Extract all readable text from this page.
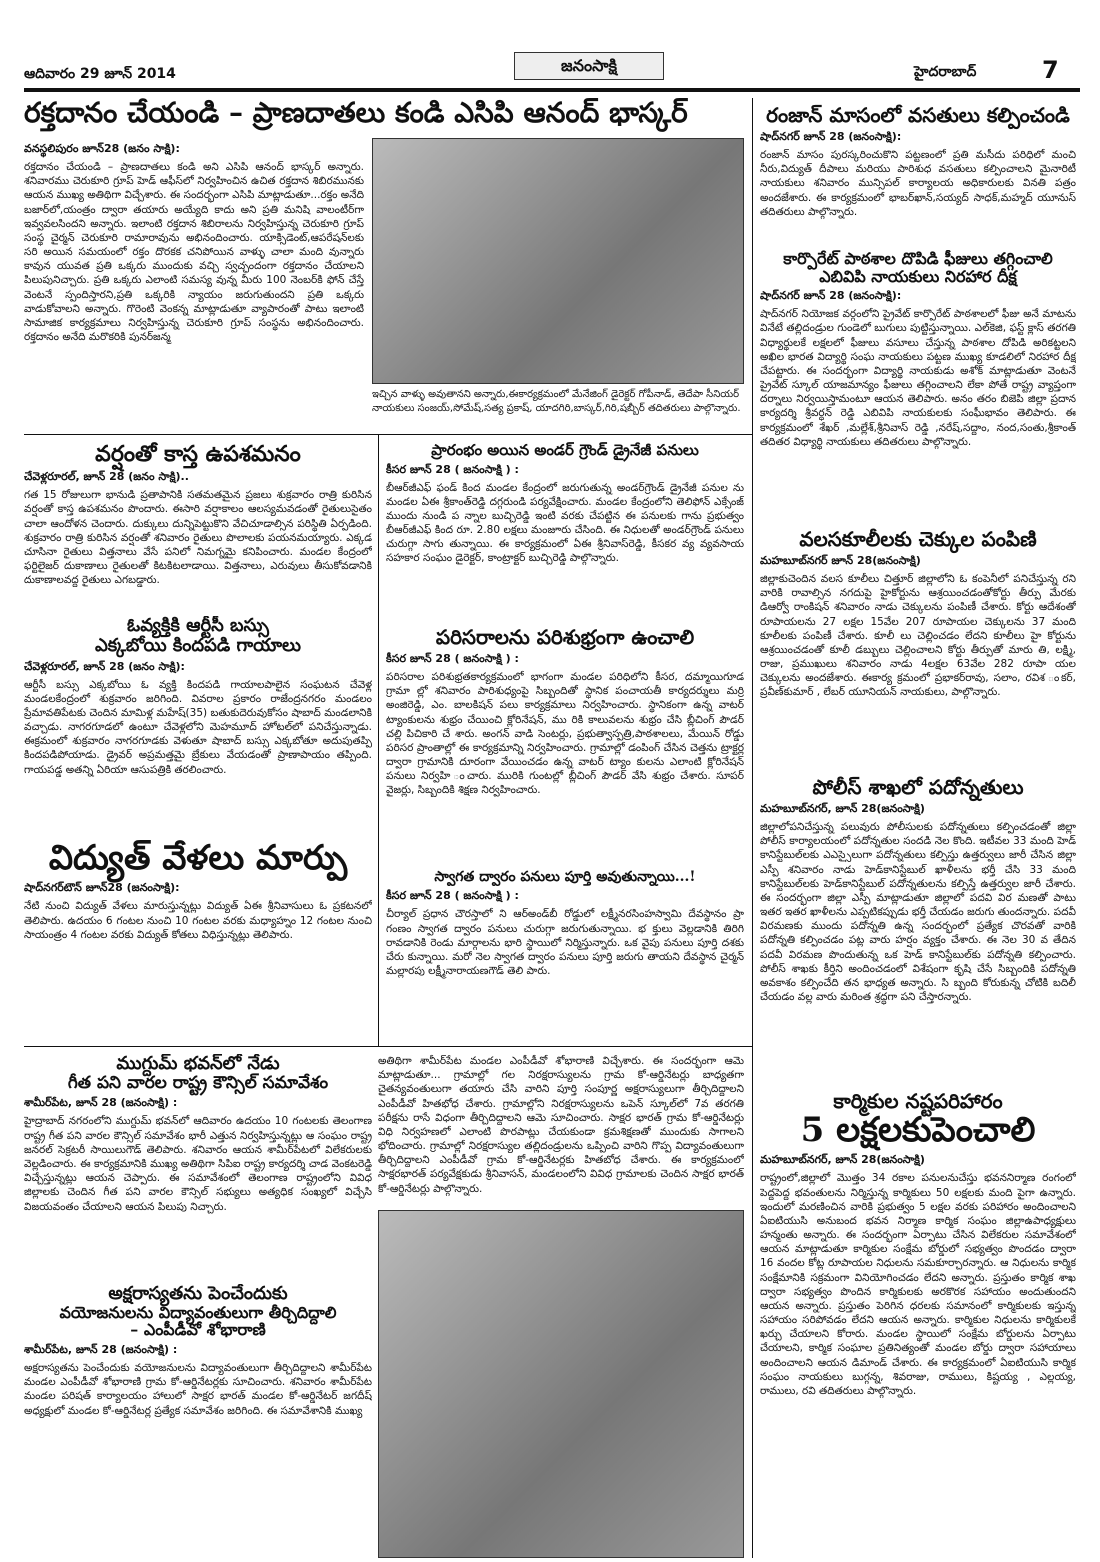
ఆదివారం 29 జూన్ 2014	జనంసాక్షి	హైదరాబాద్	7
రక్తదానం చేయండి – ప్రాణదాతలు కండి ఎసిపి ఆనంద్ భాస్కర్
వనస్థలిపురం జూన్28 (జనం సాక్షి):
రక్తదానం చేయండి – ప్రాణదాతలు కండి అని ఎసిపి ఆనంద్ భాస్కర్ అన్నారు. శనివారము చెరుకూరి గ్రూప్ హెడ్ ఆఫీస్‌లో నిర్వహించిన ఉచిత రక్తదాన శిబిరమునకు ఆయన ముఖ్య అతిథిగా విచ్చేశారు. ఈ సందర్భంగా ఎసిపి మాట్లాడుతూ...రక్తం అనేది బజార్‌లో,యంత్రం ద్వారా తయారు అయ్యేది కాదు అని ప్రతి మనిషి వాలంటీర్‌గా ఇవ్వవలసిందని అన్నారు. ఇలాంటి రక్తదాన శిబిరాలను నిర్వహిస్తున్న చెరుకూరి గ్రూప్ సంస్థ చైర్మన్ చెరుకూరి రామారావును అభినందించారు. యాక్సిడెంట్,ఆపరేషన్‌లకు సరి అయిన సమయంలో రక్తం దొరకక చనిపోయిన వాళ్ళు చాలా మంది వున్నారు కావున యువత ప్రతి ఒక్కరు ముందుకు వచ్చి స్వచ్ఛందంగా రక్తదానం చేయాలని పిలుపునిచ్చారు. ప్రతి ఒక్కరు ఎలాంటి సమస్య వున్న మీరు 100 నెంబర్‌కి ఫోన్ చేస్తే వెంటనే స్పందిస్తారని,ప్రతి ఒక్కరికి న్యాయం జరుగుతుందని ప్రతి ఒక్కరు వాడుకోవాలని అన్నారు. గొరెంటి వెంకన్న మాట్లాడుతూ వ్యాపారంతో పాటు ఇలాంటి సామాజిక కార్యక్రమాలు నిర్వహిస్తున్న చెరుకూరి గ్రూప్ సంస్థను అభినందించారు. రక్తదానం అనేది మరొకరికి పునర్‌జన్మ
ఇచ్చిన వాళ్ళు అవుతానని అన్నారు,ఈకార్యక్రమంలో మేనేజింగ్ డైరెక్టర్ గోపీనాడ్, తెదేపా సీనియర్ నాయకులు సంజయ్,సోమేష్,సత్య ప్రకాష్, యాదగిరి,బాస్కర్,గిరి,షబ్బీర్ తదితరులు పాల్గొన్నారు.
రంజాన్ మాసంలో వసతులు కల్పించండి
షాద్‌నగర్ జూన్ 28 (జనంసాక్షి):
రంజాన్ మాసం పురస్కరించుకొని పట్టణంలో ప్రతి మసీదు పరిధిలో మంచి నీరు,విద్యుత్ దీపాలు మరియు పారిశుధ వసతులు కల్పించాలని మైనారిటీ నాయకులు శనివారం మున్సిపల్ కార్యాలయ అధికారులకు వినతి పత్రం అందజేశారు. ఈ కార్యక్రమంలో భాబర్‌ఖాన్,సయ్యద్ సాధక్,మహ్మద్ యూనుస్ తదితరులు పాల్గొన్నారు.
కార్పొరేట్ పాఠశాల దొపిడి ఫీజులు తగ్గించాలి
ఎబివిపి నాయకులు నిరహార దీక్ష
షాద్‌నగర్ జూన్ 28 (జనంసాక్షి):
షాద్‌నగర్ నియోజక వర్గంలోని ప్రైవేట్ కార్పొరేట్ పాఠశాలలో ఫీజు అనే మాటను వినేటే తల్లిదండ్రుల గుండెలో బుగులు పుట్టిస్తున్నాయి. ఎల్‌కెజి, ఫస్ట్ క్లాస్ తరగతి విధ్యార్థులకే లక్షలలో ఫీజులు వసూలు చేస్తున్న పాఠశాల దోపిడి అరికట్టలని అఖిల భారత విద్యార్థి సంఘ నాయకులు పట్టణ ముఖ్య కూడలిలో నిరహార దీక్ష చేపట్టారు. ఈ సందర్భంగా విద్యార్థి నాయకుడు అశోక్ మాట్లాడుతూ వెంటనే ప్రైవేట్ స్కూల్ యాజమాన్యం ఫీజులు తగ్గించాలని లేకా పోతే రాష్ట్ర వ్యాప్తంగా దర్నాలు నిర్వయిస్తామంటూ ఆయన తెలిపారు. అనం తరం బిజెపి జిల్లా ప్రదాన కార్యదర్శి శ్రీవర్ధన్ రెడ్డి ఎబివిపి నాయకులకు సంఘీభావం తెలిపారు. ఈ కార్యక్రమంలో శేఖర్ ,మల్లేశ్,శ్రీనివాస్ రెడ్డి ,నరేష్,సద్దాం, నంద,సంతు,శ్రీకాంత్ తదితర విధ్యార్థి నాయకులు తదితరులు పాల్గొన్నారు.
వర్షంతో కాస్త ఉపశమనం
చేవెళ్లరూరల్, జూన్ 28 (జనం సాక్షి)..
గత 15 రోజులుగా భానుడి ప్రతాపానికి సతమతమైన ప్రజలు శుక్రవారం రాత్రి కురిసిన వర్షంతో కాస్త ఉపశమనం పొందారు. ఈసారి వర్షాకాలం ఆలస్యమవడంతో రైతులుసైతం చాలా ఆందోళన చెందారు. దుక్కులు దున్నిపెట్టుకొని వేచిచూడాల్సిన పరిస్థితి ఏర్పడింది. శుక్రవారం రాత్రి కురిసిన వర్షంతో శనివారం రైతులు పొలాలకు పయనమయ్యారు. ఎక్కడ చూసినా రైతులు విత్తనాలు వేసే పనిలో నిమగ్నమై కనిపించారు. మండల కేంద్రంలో ఫర్టిలైజర్ దుకాణాలు రైతులతో కిటకిటలాడాయి. విత్తనాలు, ఎరువులు తీసుకోవడానికి దుకాణాలవద్ద రైతులు ఎగబడ్డారు.
ఓవ్యక్తికి ఆర్టీసీ బస్సు
ఎక్కబోయి కిందపడి గాయాలు
చేవెళ్లరూరల్, జూన్ 28 (జనం సాక్షి):
ఆర్టీసీ బస్సు ఎక్కబోయి ఓ వ్యక్తి కిందపడి గాయాలపాలైన సంఘటన చేవెళ్ల మండలకేంద్రంలో శుక్రవారం జరిగింది. వివరాల ప్రకారం రాజేంద్రనగరం మండలం ప్రేమావతిపేటకు చెందిన మామిళ్ల మహేష్(35) బతుకుదెరువుకోసం షాబాద్ మండలానికి వచ్చాడు. నాగరగూడలో ఉంటూ చేవెళ్లలోని మెహమూద్ హోటల్‌లో పనిచేస్తున్నాడు. ఈక్రమంలో శుక్రవారం నాగరగూడకు వెళుతూ షాబాద్ బస్సు ఎక్కబోతూ అదుపుతప్పి కిందపడిపోయాడు. డ్రైవర్ అప్రమత్తమై బ్రేకులు వేయడంతో ప్రాణాపాయం తప్పింది. గాయపడ్డ అతన్ని ఏరియా ఆసుపత్రికి తరలించారు.
విద్యుత్ వేళలు మార్పు
షాద్‌నగర్‌టౌన్ జూన్28 (జనంసాక్షి):
నేటి నుంచి విద్యుత్ వేళలు మారుస్తున్నట్లు విద్యుత్ ఏఈ శ్రీనివాసులు ఓ ప్రకటనలో తెలిపారు. ఉదయం 6 గంటల నుంచి 10 గంటల వరకు మధ్యాహ్నం 12 గంటల నుంచి సాయంత్రం 4 గంటల వరకు విద్యుత్ కోతలు విధిస్తున్నట్లు తెలిపారు.
ప్రారంభం అయిన అండర్ గ్రౌండ్ డ్రైనేజీ పనులు
కీసర జూన్ 28 ( జనంసాక్షి ) :
బీఆర్‌జీఎఫ్ ఫండ్ కింద మండల కేంద్రంలో జరుగుతున్న అండర్‌గ్రౌండ్ డ్రైనేజీ పనుల ను మండల ఏఈ శ్రీకాంత్‌రెడ్డి దగ్గరుండి పర్యవేక్షించారు. మండల కేంద్రంలోని తెలిఫోన్ ఎక్సేంజ్ ముందు నుండి ప న్నాల బుచ్చిరెడ్డి ఇంటి వరకు చేపట్టిన ఈ పనులకు గాను ప్రభుత్వం బీఆర్‌జీఎఫ్ కింద రూ. 2.80 లక్షలు మంజూరు చేసింది. ఈ నిధులతో అండర్‌గ్రౌండ్ పనులు చురుగ్గా సాగు తున్నాయి. ఈ కార్యక్రమంలో ఏఈ శ్రీనివాస్‌రెడ్డి, కీసకర వ్య వ్యవసాయ సహకార సంఘం డైరెక్టర్, కాంట్రాక్టర్ బుచ్చిరెడ్డి పాల్గొన్నారు.
పరిసరాలను పరిశుభ్రంగా ఉంచాలి
కీసర జూన్ 28 ( జనంసాక్షి ) :
పరిసరాల పరిశుభ్రతకార్యక్రమంలో భాగంగా మండల పరిధిలోని కీసర, దమ్మాయిగూడ గ్రామా ల్లో శనివారం పారిశుధ్యంపై సిబ్బందితో స్థానిక పంచాయతీ కార్యదర్శులు మర్రి అంజిరెడ్డి, ఎం. బాలకిషన్ పలు కార్యక్రమాలు నిర్వహించారు. స్థానికంగా ఉన్న వాటర్ ట్యాంకులను శుభ్రం చేయించి క్లోరినేషన్, ము రికి కాలువలను శుభ్రం చేసి బ్లీచింగ్ పౌడర్ చల్లి పిచికారి చే శారు. అంగన్ వాడి సెంటర్లు, ప్రభుత్వాస్పత్రి,పాఠశాలలు, మేయిన్ రోడ్డు పరిసర ప్రాంతాల్లో ఈ కార్యక్రమాన్ని నిర్వహించారు. గ్రామాల్లో డంపింగ్ చేసిన చెత్తను ట్రాక్టర్ల ద్వారా గ్రామానికి దూరంగా వేయించడం ఉన్న వాటర్ ట్యాం కులను ఎలాంటి క్లోరినేషన్ పనులు నిర్వహి ంచారు. మురికి గుంటల్లో బ్లీచింగ్ పౌడర్ వేసి శుభ్రం చేశారు. సూపర్ వైజర్లు, సిబ్బందికి శిక్షణ నిర్వహించారు.
స్వాగత ద్వారం పనులు పూర్తి అవుతున్నాయి...!
కీసర జూన్ 28 ( జనంసాక్షి ) :
చీర్యాల్ ప్రధాన చౌరస్తాలో ని ఆర్‌అండ్‌బీ రోడ్డులో లక్ష్మీనరసింహస్వామి దేవస్థానం ప్రా గంణం స్వాగత ద్వారం పనులు చురుగ్గా జరుగుతున్నాయి. భ క్తులు వెల్లడానికి తిరిగి రావడానికి రెండు మార్గాలను భారి స్థాయిలో నిర్మిస్తున్నారు. ఒక వైపు పనులు పూర్తి దశకు చేరు కున్నాయి. మరో నెల స్వాగత ద్వారం పనులు పూర్తి జరుగు తాయని దేవస్థాన చైర్మన్ మల్లారపు లక్ష్మీనారాయణగౌడ్ తెలి పారు.
వలసకూలీలకు చెక్కుల పంపిణి
మహబూబ్‌నగర్ జూన్ 28(జనంసాక్షి)
జిల్లాకుచెందిన వలస కూలీలు చిత్తూర్ జిల్లాలోని ఓ కంపెనీలో పనిచేస్తున్న రని వారికి రావాల్సిన నగదుపై హైకోర్టును ఆశ్రయించడంతోకోర్టు తీర్పు మేరకు డిఆర్వో రాంకిషన్ శనివారం నాడు చెక్కులను పంపిణీ చేశారు. కోర్టు ఆదేశంతో రూపాయలను 27 లక్షల 15వేల 207 రూపాయల చెక్కులను 37 మంది కూలీలకు పంపిణీ చేశారు. కూలీ లు చెల్లించడం లేదని కూలీలు హై కోర్టును ఆశ్రయించడంతో కూలీ డబ్బులు చెల్లించాలని కోర్టు తీర్పుతో మారు తి, లక్ష్మి, రాజు, ప్రముఖులు శనివారం నాడు 4లక్షల 63వేల 282 రూపా యల చెక్కులను అందజేశారు. ఈకార్య క్రమంలో ప్రభాకర్‌రావు, సలాం, రవిశ ంకర్, ప్రవీణ్‌కుమార్ , లేబర్ యూనియన్ నాయకులు, పాల్గొన్నారు.
పోలీస్ శాఖలో పదోన్నతులు
మహబూబ్‌నగర్, జూన్ 28(జనంసాక్షి)
జిల్లాలోపనిచేస్తున్న పలువురు పోలీసులకు పదోన్నతులు కల్పించడంతో జిల్లా పోలీస్ కార్యాలయంలో పదోన్నతుల సందడి నెల కొంది. ఇటీవల 33 మంది హెడ్ కానిస్టేబుల్‌లకు ఎఎస్సైలుగా పదోన్నతులు కల్పిస్తు ఉత్తర్వులు జారీ చేసిన జిల్లా ఎస్పీ శనివారం నాడు హెడ్‌కానిస్టేబుల్ ఖాళీలను భర్తీ చేసి 33 మంది కానిస్టేబుల్‌లకు హెడ్‌కానిస్టేబుల్ పదోన్నతులను కల్పిస్తే ఉత్తర్వుల జారీ చేశారు. ఈ సందర్భంగా జిల్లా ఎస్పీ మాట్లాడుతూ జిల్లాలో పదవి విర మణతో పాటు ఇతర ఇతర ఖాళీలను ఎప్పటికప్పుడు భర్తీ చేయడం జరుగు తుందన్నారు. పదవీ విరమణకు ముందు పదోన్నతి ఉన్న సందర్భంలో ప్రత్యేక చొరవతో వారికి పదోన్నతి కల్పించడం పట్ల వారు హర్షం వ్యక్తం చేశారు. ఈ నెల 30 వ తేదిన పదవీ విరమణ పొందుతున్న ఒక హెడ్ కానిస్టేబుల్‌కు పదోన్నతి కల్పించారు. పోలీస్ శాఖకు కీర్తిని అందించడంలో విశేషంగా కృషి చేసే సిబ్బందికి పదోన్నతి అవకాశం కల్పించేది తన భాధ్యత అన్నారు. సి బ్బంది కోరుకున్న చోటికి బదిలీ చేయడం వల్ల వారు మరింత శ్రద్ధగా పని చేస్తారన్నారు.
కార్మికుల నష్టపరిహారం
5 లక్షలకుపెంచాలి
మహబూబ్‌నగర్, జూన్ 28(జనంసాక్షి)
రాష్ట్రంలో,జిల్లాలో మొత్తం 34 రకాల పనులనుచేస్తు భవననిర్మాణ రంగంలో పెద్దపెద్ద భవంతులను నిర్మిస్తున్న కార్మికులు 50 లక్షలకు మంది పైగా ఉన్నారు. ఇందులో మరణించిన వారికి ప్రభుత్వం 5 లక్షల వరకు పరిహారం అందించాలని ఏఐటియుసి అనుబంద భవన నిర్మాణ కార్మిక సంఘం జిల్లాఉపాధ్యక్షులు హన్మంతు అన్నారు. ఈ సందర్భంగా ఏర్పాటు చేసిన విలేకరుల సమావేశంలో ఆయన మాట్లాడుతూ కార్మికుల సంక్షేమ బోర్డులో సభ్యత్వం పొందడం ద్వారా 16 వందల కోట్ల రూపాయల నిధులను సమకూర్చారన్నారు. ఆ నిధులను కార్మిక సంక్షేమానికి సక్రమంగా వినియోగించడం లేదని అన్నారు. ప్రస్తుతం కార్మిక శాఖ ద్వారా సభ్యత్వం పొందిన కార్మికులకు అరకొరక సహాయం అందుతుందని ఆయన అన్నారు. ప్రస్తుతం పెరిగిన ధరలకు సమానంలో కార్మికులకు ఇస్తున్న సహాయం సరిపోవడం లేదని ఆయన అన్నారు. కార్మికుల నిధులను కార్మికులకే ఖర్చు చేయాలని కోరారు. మండల స్థాయిలో సంక్షేమ బోర్డులను ఏర్పాటు చేయాలని, కార్మిక సంఘాల ప్రతినిత్యంతో మండల బోర్డు ద్వారా సహాయాలు అందించాలని ఆయన డిమాండ్ చేశారు. ఈ కార్యక్రమంలో ఏఐటియుసి కార్మిక సంఘం నాయకులు బుగ్గన్న, శివరాజు, రాములు, కిష్టయ్య , ఎల్లయ్య, రాములు, రవి తదితరులు పాల్గొన్నారు.
ముగ్దుమ్ భవన్‌లో నేడు
గీత పని వారల రాష్ట్ర కౌన్సిల్ సమావేశం
శామీర్‌పేట, జూన్ 28 (జనంసాక్షి) :
హైద్రాబాద్ నగరంలోని ముగ్దుమ్ భవన్‌లో ఆదివారం ఉదయం 10 గంటలకు తెలంగాణ రాష్ట్ర గీత పని వారల కౌన్సిల్ సమావేశం భారీ ఎత్తున నిర్వహిస్తున్నట్లు ఆ సంఘం రాష్ట్ర జనరల్ సెక్రటరీ సాయిలుగౌడ్ తెలిపారు. శనివారం ఆయన శామీర్‌పేటలో విలేకరులకు వెల్లడించారు. ఈ కార్యక్రమానికి ముఖ్య అతిథిగా సిపిఐ రాష్ట్ర కార్యదర్శి చాడ వెంకటరెడ్డి విచ్చేస్తున్నట్లు ఆయన చెప్పారు. ఈ సమావేశంలో తెలంగాణ రాష్ట్రంలోని వివిధ జిల్లాలకు చెందిన గీత పని వారల కౌన్సిల్ సభ్యులు అత్యధిక సంఖ్యలో విచ్చేసి విజయవంతం చేయాలని ఆయన పిలుపు నిచ్చారు.
అక్షరాస్యతను పెంచేందుకు
వయోజనులను విద్యావంతులుగా తీర్చిదిద్దాలి
– ఎంపీడీవో శోభారాణి
శామీర్‌పేట, జూన్ 28 (జనంసాక్షి) :
అక్షరాస్యతను పెంచేందుకు వయోజనులను విద్యావంతులుగా తీర్చిదిద్దాలని శామీర్‌పేట మండల ఎంపీడీవో శోభారాణి గ్రామ కో-ఆర్డినేటర్లకు సూచించారు. శనివారం శామీర్‌పేట మండల పరిషత్ కార్యాలయం హాలులో సాక్షర భారత్ మండల కో-ఆర్డినేటర్ జగదీష్ అధ్యక్షులో మండల కో-ఆర్డినేటర్ల ప్రత్యేక సమావేశం జరిగింది. ఈ సమావేశానికి ముఖ్య
అతిథిగా శామీర్‌పేట మండల ఎంపీడీవో శోభారాణి విచ్చేశారు. ఈ సందర్భంగా ఆమె మాట్లాడుతూ... గ్రామాల్లో గల నిరక్షరాస్యులను గ్రామ కో-ఆర్డినేటర్లు బాధ్యతగా చైతన్యవంతులుగా తయారు చేసి వారిని పూర్తి సంపూర్ణ అక్షరాస్యులుగా తీర్చిదిద్దాలని ఎంపీడీవో హితభోధ చేశారు. గ్రామాల్లోని నిరక్షరాస్యులను ఒపెన్ స్కూల్‌లో 7వ తరగతి పరీక్షను రాసే విధంగా తీర్చిదిద్దాలని ఆమె సూచించారు. సాక్షర భారత్ గ్రామ కో-ఆర్డినేటర్లు విధి నిర్వహణలో ఎలాంటి పొరపాట్లు చేయకుండా క్రమశిక్షణతో ముందుకు సాగాలని భోదించారు. గ్రామాల్లో నిరక్షరాస్యుల తల్లిదండ్రులను ఒప్పించి వారిని గొప్ప విద్యావంతులుగా తీర్చిదిద్దాలని ఎంపీడీవో గ్రామ కో-ఆర్డినేటర్లకు హితబోధ చేశారు. ఈ కార్యక్రమంలో సాక్షరభారత్ పర్యవేక్షకుడు శ్రీనివాసన్, మండలంలోని వివిధ గ్రామాలకు చెందిన సాక్షర భారత్ కో-ఆర్డినేటర్లు పాల్గొన్నారు.
